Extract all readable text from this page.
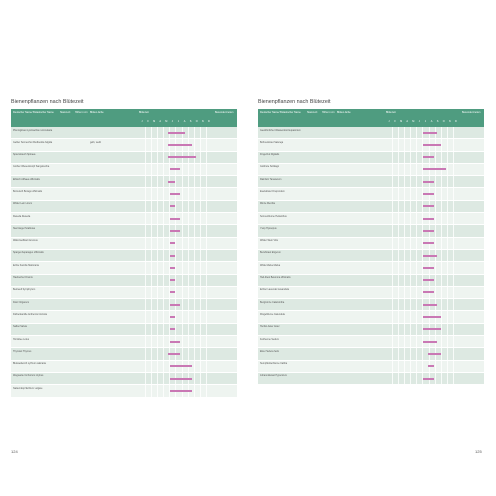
Bienenpflanzen nach Blütezeit
Deutscher Name/ Botanischer Name	Stand-ort	Höhe in cm Blüten-farbe	Blütezeit	Besonder-heiten
J	F	M	A	M	J	J	A	S	O	N	D
Pfennigkraut Lysimachia nummularia
Gelber Sonnenhut Rudbeckia fulgida	gelb, weiß
Spierstrauch Spiraea
Großer Wiesenknopf Sanguisorba
Eibisch Althaea officinalis
Borretsch Borago officinalis
Wilder Lein Linum
Reseda Reseda
Sternkugel Scabiosa
Wald-Geißbart Aruncus
Spargel Asparagus officinalis
Echte Kamille Matricaria
Hauhechel Ononis
Beinwell Symphytum
Dost Origanum
Färberkamille Anthemis tinctoria
Salbei Salvia
Hornklee Lotus
Thymian Thymus
Blutweiderich Lythrum salicaria
Wegwarte Cichorium intybus
Natternkopf Echium vulgare
124
Bienenpflanzen nach Blütezeit
Deutscher Name/ Botanischer Name	Stand-ort	Höhe in cm Blüten-farbe	Blütezeit	Besonder-heiten
J	F	M	A	M	J	J	A	S	O	N	D
Gewöhnlicher Wasserdost Eupatorium
Bohnenkraut Satureja
Fingerhut Digitalis
Goldrute Solidago
Rainfarn Tanacetum
Eselsdistel Onopordum
Minze Mentha
Sonnenblume Helianthus
Ysop Hyssopus
Wilder Wein Vitis
Berufkraut Erigeron
Wilde Malve Malva
Heil-Ziest Betonica officinalis
Echter Lavendel Lavandula
Bergminze Calamintha
Ringelblume Calendula
Herbst-Aster Aster
Fetthenne Sedum
Efeu Hedera helix
Sumpfdotterblume Caltha
Johanniskraut Hypericum
125
